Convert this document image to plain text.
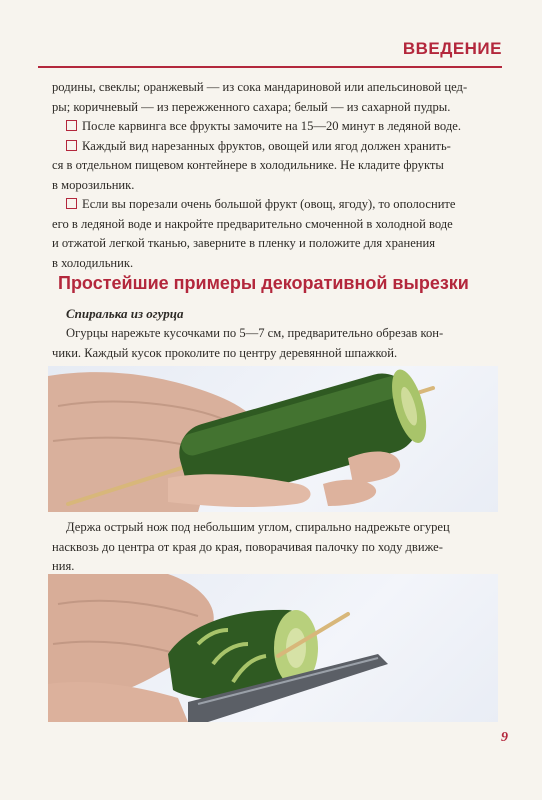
ВВЕДЕНИЕ

родины, свеклы; оранжевый — из сока мандариновой или апельсиновой цед-

ры; коричневый — из пережженного сахара; белый — из сахарной пудры.

После карвинга все фрукты замочите на 15—20 минут в ледяной воде.

Каждый вид нарезанных фруктов, овощей или ягод должен хранить-

ся в отдельном пищевом контейнере в холодильнике. Не кладите фрукты

в морозильник.

Если вы порезали очень большой фрукт (овощ, ягоду), то ополосните

его в ледяной воде и накройте предварительно смоченной в холодной воде

и отжатой легкой тканью, заверните в пленку и положите для хранения

в холодильник.

Простейшие примеры декоративной вырезки
Спиралька из огурца

Огурцы нарежьте кусочками по 5—7 см, предварительно обрезав кон-

чики. Каждый кусок проколите по центру деревянной шпажкой.

Держа острый нож под небольшим углом, спирально надрежьте огурец

насквозь до центра от края до края, поворачивая палочку по ходу движе-

ния.

9
